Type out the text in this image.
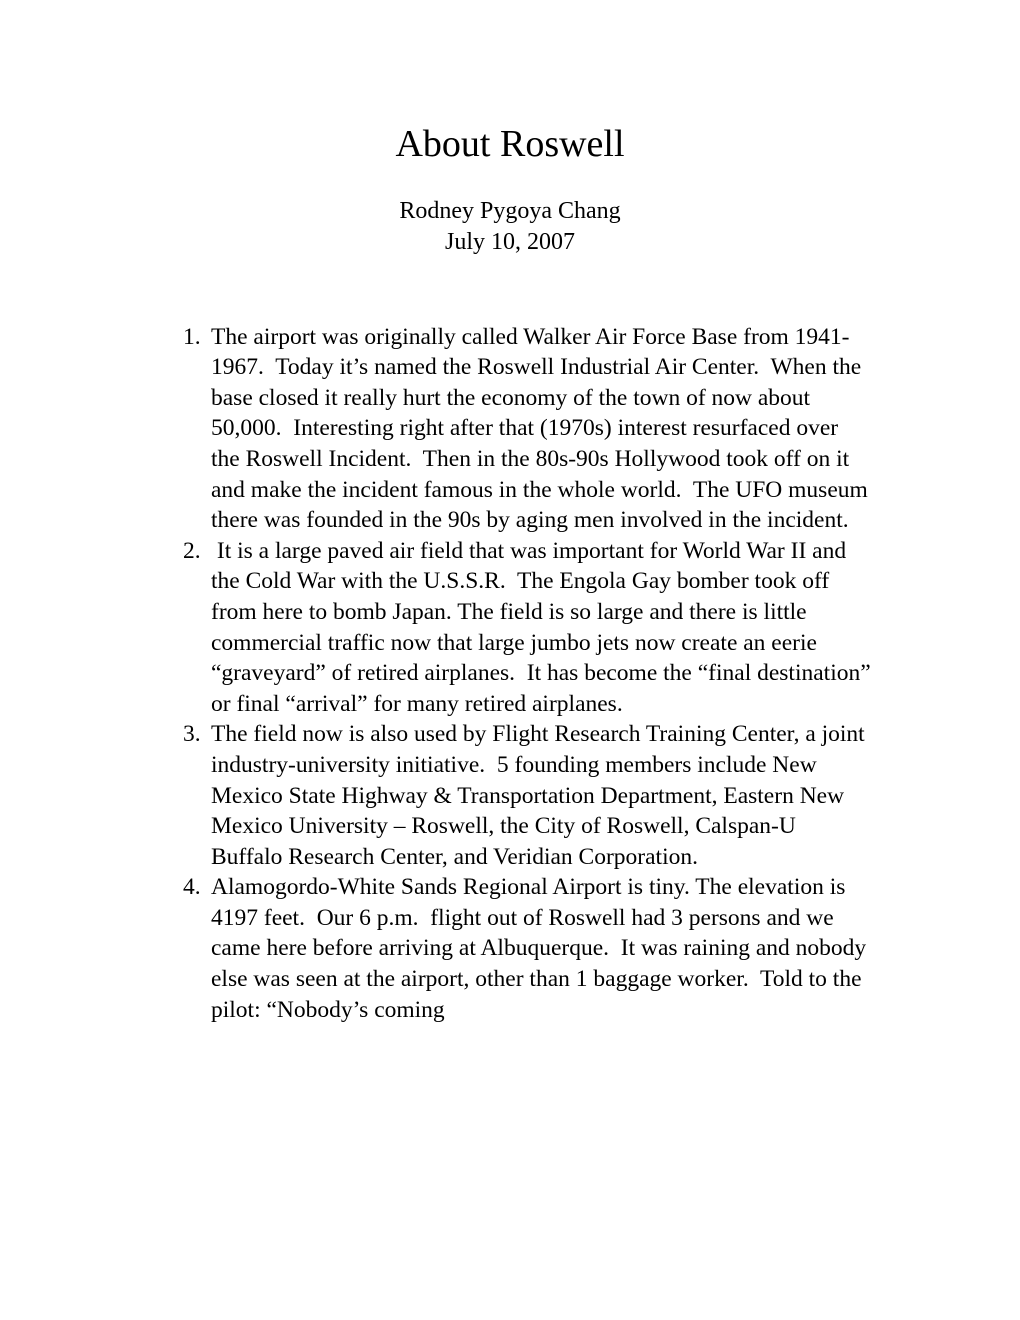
About Roswell
Rodney Pygoya Chang
July 10, 2007
1. The airport was originally called Walker Air Force Base from 1941-1967.  Today it’s named the Roswell Industrial Air Center.  When the base closed it really hurt the economy of the town of now about 50,000.  Interesting right after that (1970s) interest resurfaced over the Roswell Incident.  Then in the 80s-90s Hollywood took off on it and make the incident famous in the whole world.  The UFO museum there was founded in the 90s by aging men involved in the incident.
2. It is a large paved air field that was important for World War II and the Cold War with the U.S.S.R.  The Engola Gay bomber took off from here to bomb Japan. The field is so large and there is little commercial traffic now that large jumbo jets now create an eerie “graveyard” of retired airplanes.  It has become the “final destination” or final “arrival” for many retired airplanes.
3. The field now is also used by Flight Research Training Center, a joint industry-university initiative.  5 founding members include New Mexico State Highway & Transportation Department, Eastern New Mexico University – Roswell, the City of Roswell, Calspan-U Buffalo Research Center, and Veridian Corporation.
4. Alamogordo-White Sands Regional Airport is tiny. The elevation is 4197 feet.  Our 6 p.m.  flight out of Roswell had 3 persons and we came here before arriving at Albuquerque.  It was raining and nobody else was seen at the airport, other than 1 baggage worker.  Told to the pilot: “Nobody’s coming
